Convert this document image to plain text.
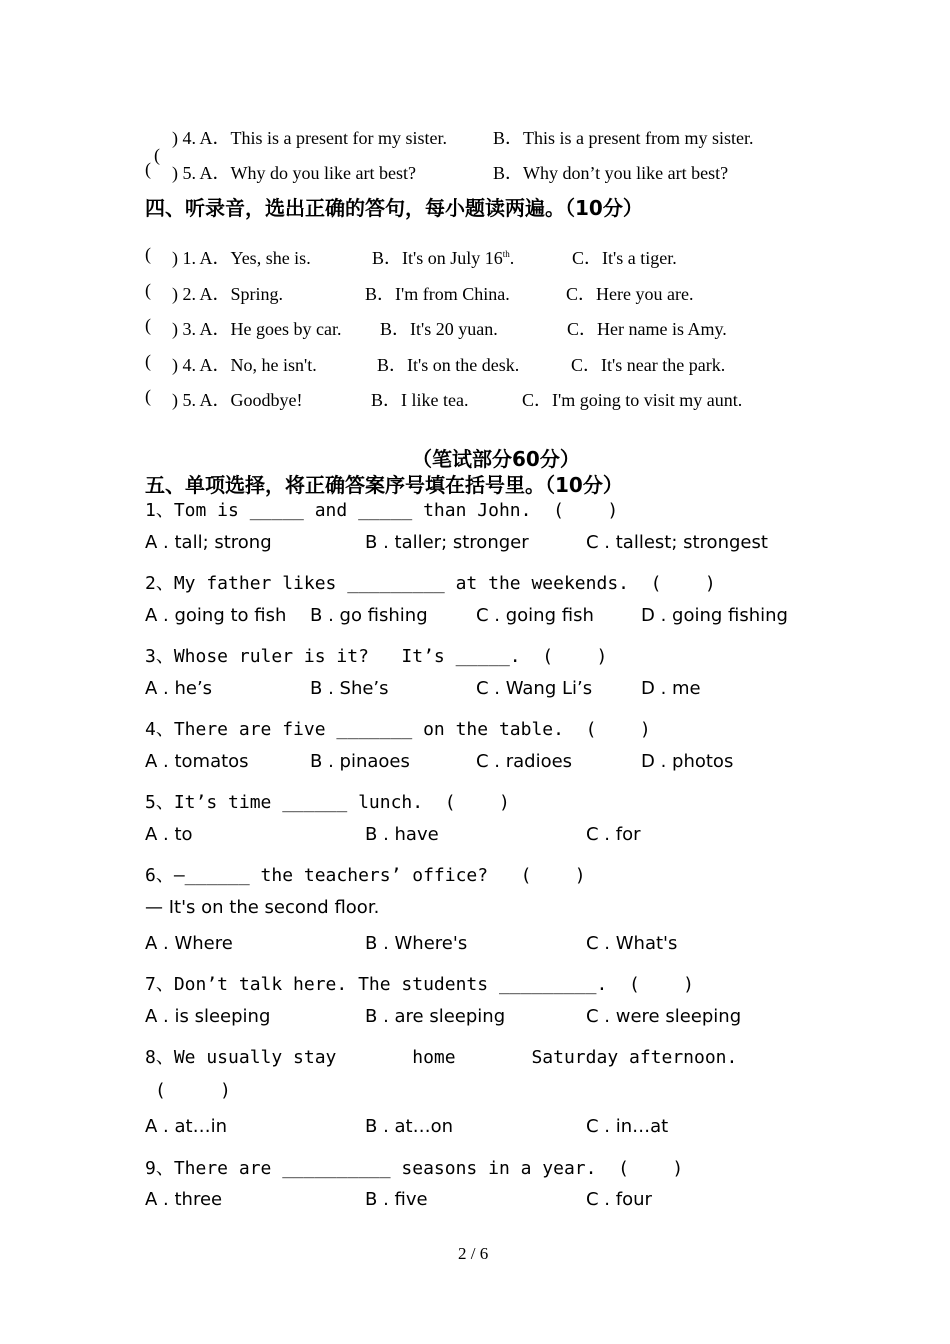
(

) 4. A．This is a present for my sister.	B．This is a present from my sister.
( ) 5. A．Why do you like art best?	B．Why don’t you like art best?
四、听录音，选出正确的答句，每小题读两遍。（10分）
( ) 1. A．Yes, she is.	B．It's on July 16th.	C．It's a tiger.
( ) 2. A．Spring.	B．I'm from China.	C．Here you are.
( ) 3. A．He goes by car. B．It's 20 yuan.	C．Her name is Amy.
( ) 4. A．No, he isn't.	B．It's on the desk.	C．It's near the park.
( ) 5. A．Goodbye!	B．I like tea.	C．I'm going to visit my aunt.
（笔试部分60分）
五、单项选择，将正确答案序号填在括号里。（10分）
1、Tom is _____ and _____ than John.  (    )
A . tall; strong	B . taller; stronger	C . tallest; strongest
2、My father likes _________ at the weekends.  (    )
A . going to fish B . go fishing	C . going fish	D . going fishing
3、Whose ruler is it?   It’s _____.  (    )
A . he’s	B . She’s	C . Wang Li’s	D . me
4、There are five _______ on the table.  (    )
A . tomatos	B . pinaoes	C . radioes	D . photos
5、It’s time ______ lunch.  (    )
A . to	B . have	C . for
6、—______ the teachers’ office?   (    )
— It's on the second floor.
A . Where	B . Where's	C . What's
7、Don’t talk here. The students _________.  (    )
A . is sleeping	B . are sleeping	C . were sleeping
8、We usually stay       home       Saturday afternoon.
(     )
A . at…in	B . at…on	C . in…at
9、There are __________ seasons in a year.  (    )
A . three	B . five	C . four
2 / 6
